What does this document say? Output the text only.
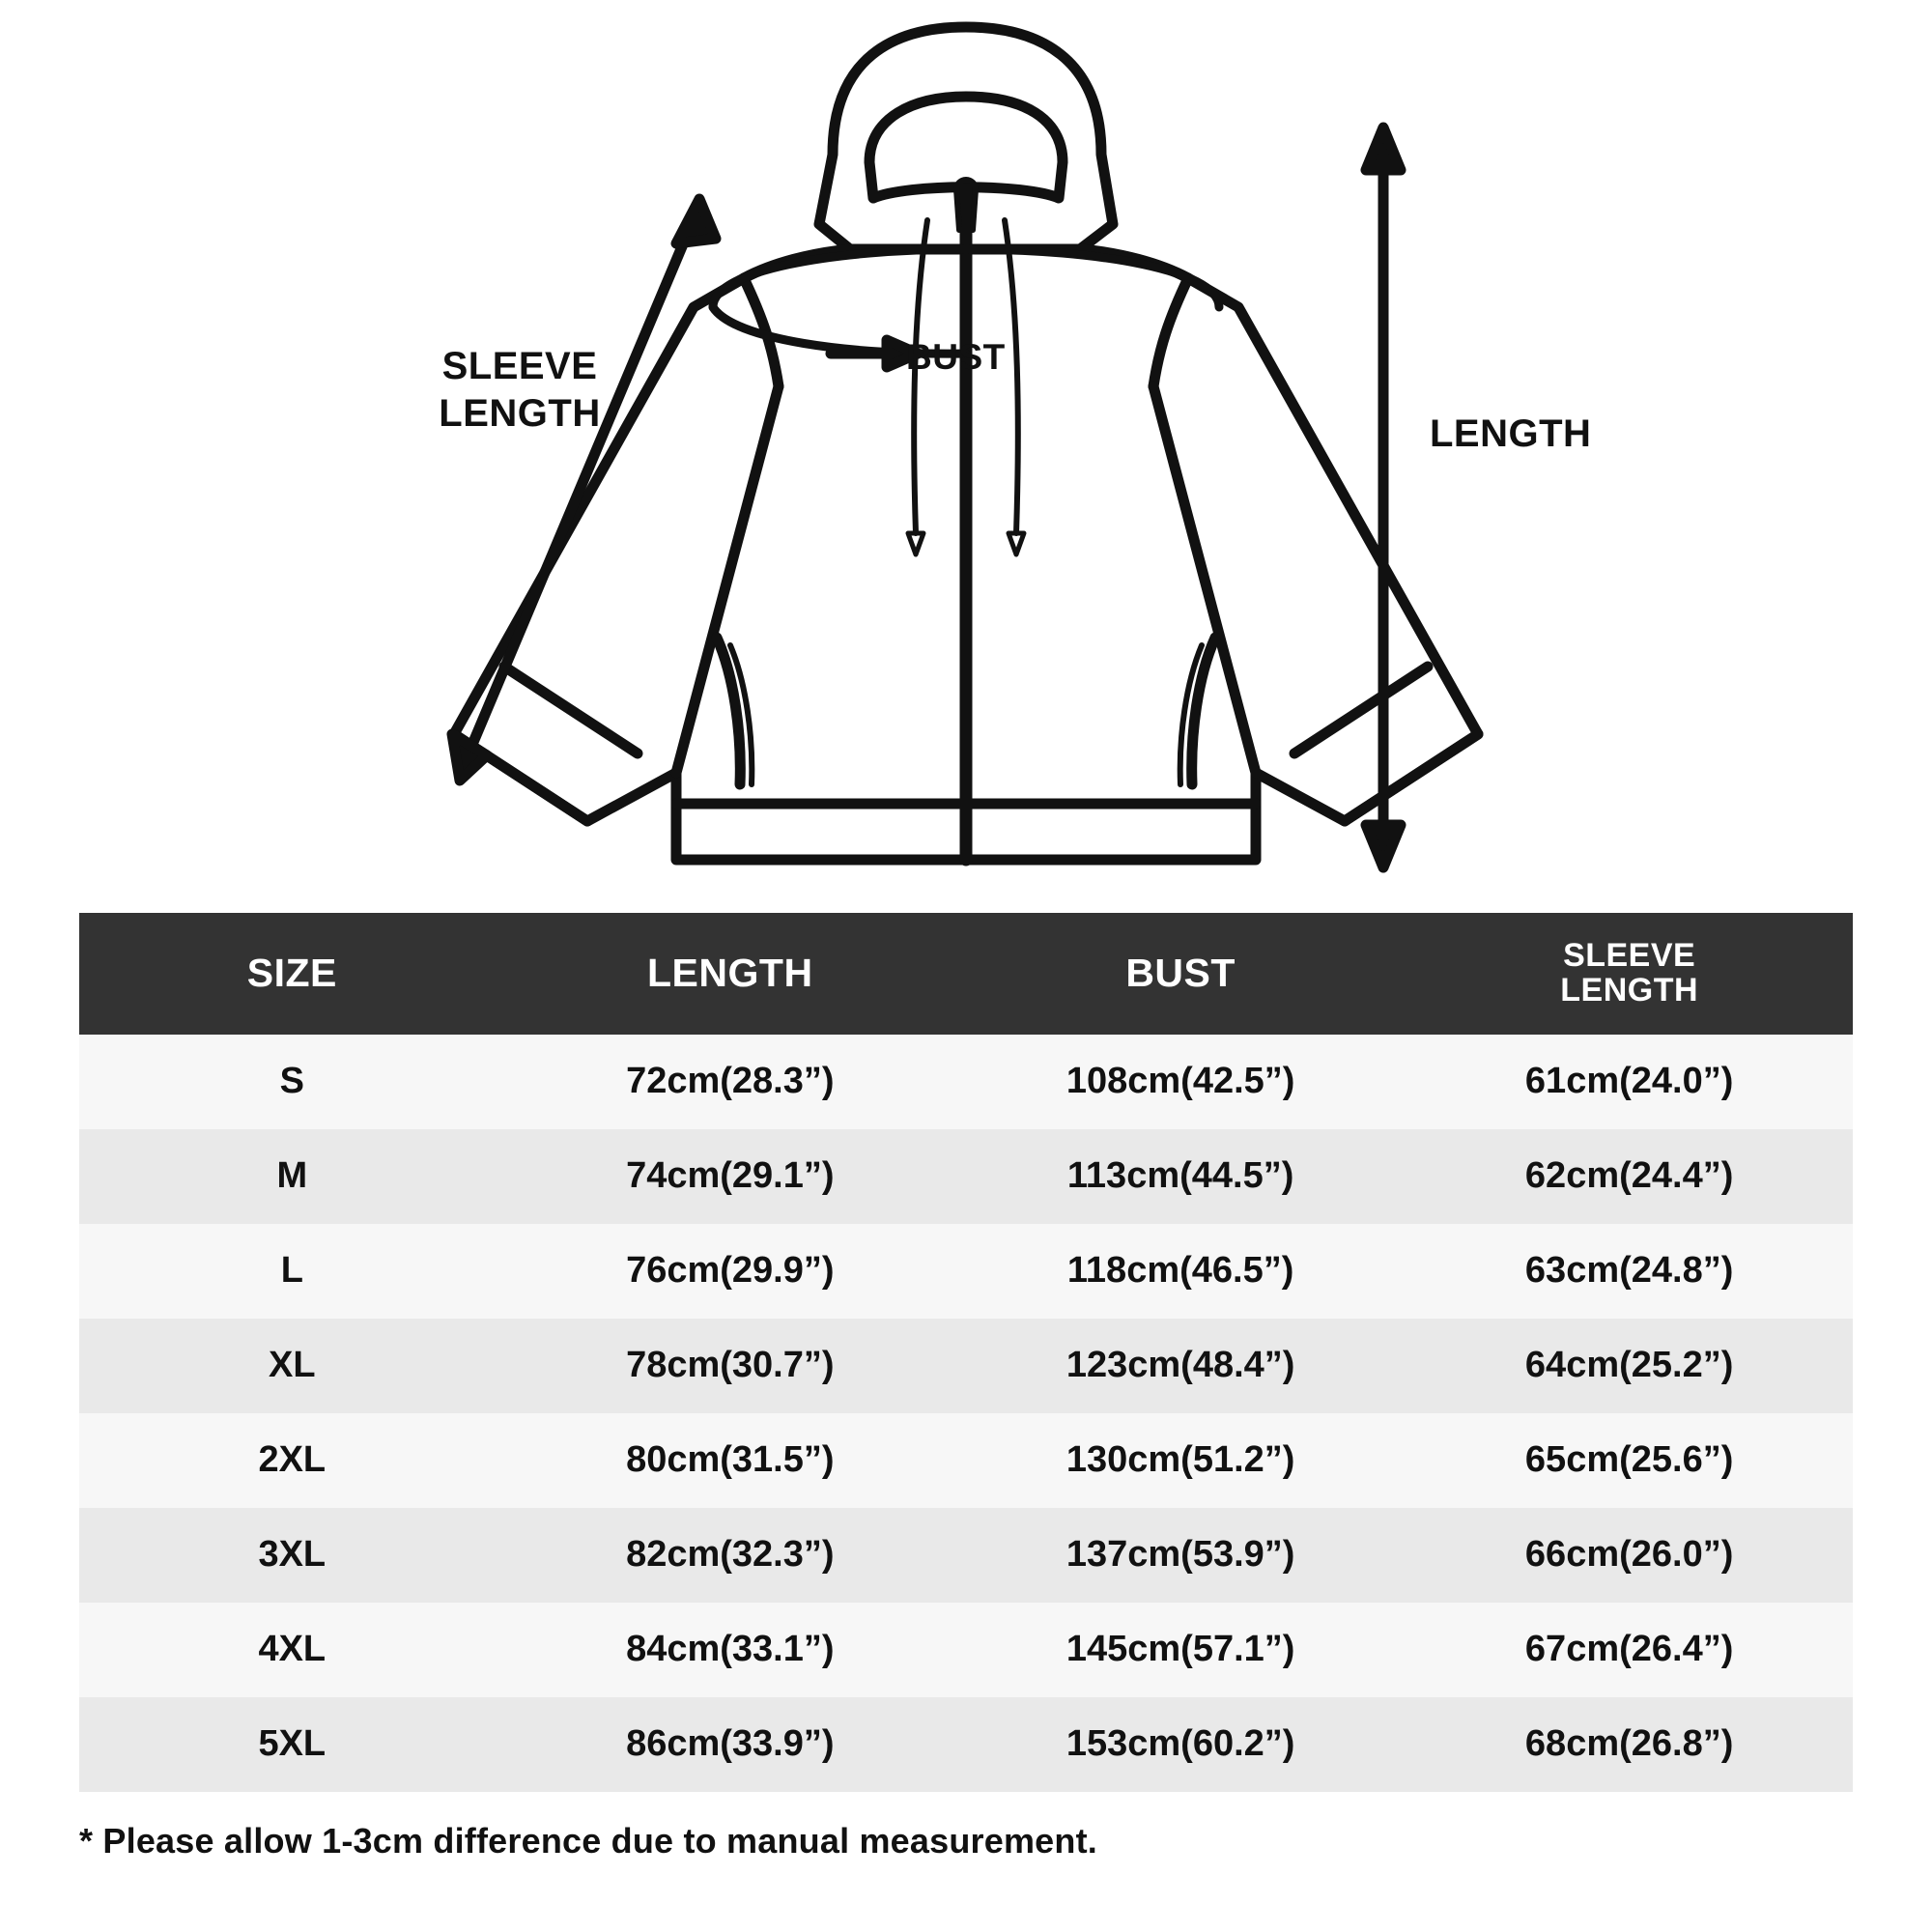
SLEEVE
LENGTH	LENGTH
BUST
SIZE	LENGTH	BUST	SLEEVE
LENGTH

S	72cm(28.3”)	108cm(42.5”)	61cm(24.0”)
M	74cm(29.1”)	113cm(44.5”)	62cm(24.4”)
L	76cm(29.9”)	118cm(46.5”)	63cm(24.8”)
XL	78cm(30.7”)	123cm(48.4”)	64cm(25.2”)
2XL	80cm(31.5”)	130cm(51.2”)	65cm(25.6”)
3XL	82cm(32.3”)	137cm(53.9”)	66cm(26.0”)
4XL	84cm(33.1”)	145cm(57.1”)	67cm(26.4”)
5XL	86cm(33.9”)	153cm(60.2”)	68cm(26.8”)
* Please allow 1-3cm difference due to manual measurement.
